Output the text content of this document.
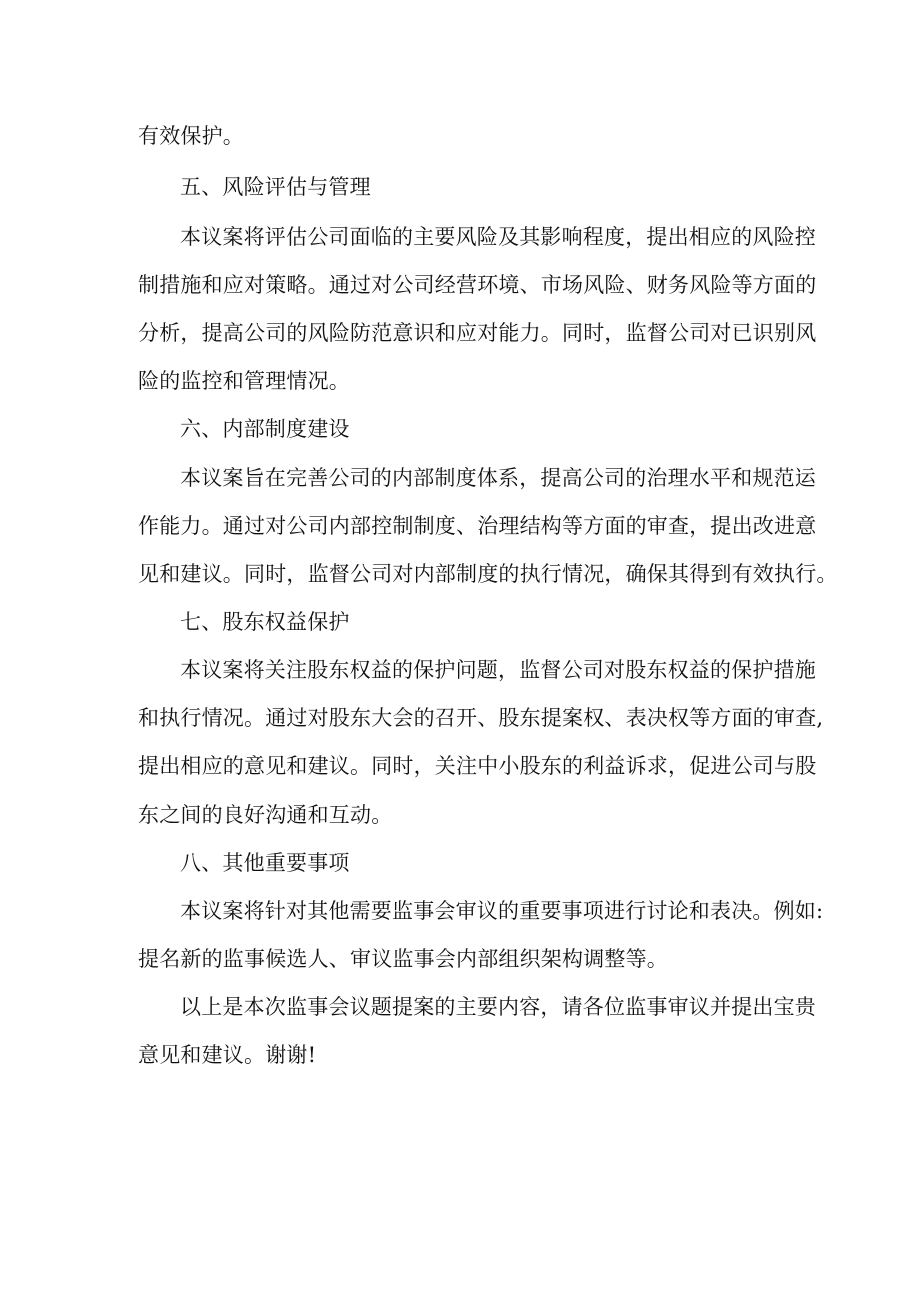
有效保护。
五、风险评估与管理
本议案将评估公司面临的主要风险及其影响程度，提出相应的风险控
制措施和应对策略。通过对公司经营环境、市场风险、财务风险等方面的
分析，提高公司的风险防范意识和应对能力。同时，监督公司对已识别风
险的监控和管理情况。
六、内部制度建设
本议案旨在完善公司的内部制度体系，提高公司的治理水平和规范运
作能力。通过对公司内部控制制度、治理结构等方面的审查，提出改进意
见和建议。同时，监督公司对内部制度的执行情况，确保其得到有效执行。
七、股东权益保护
本议案将关注股东权益的保护问题，监督公司对股东权益的保护措施
和执行情况。通过对股东大会的召开、股东提案权、表决权等方面的审查,
提出相应的意见和建议。同时，关注中小股东的利益诉求，促进公司与股
东之间的良好沟通和互动。
八、其他重要事项
本议案将针对其他需要监事会审议的重要事项进行讨论和表决。例如:
提名新的监事候选人、审议监事会内部组织架构调整等。
以上是本次监事会议题提案的主要内容，请各位监事审议并提出宝贵
意见和建议。谢谢!
